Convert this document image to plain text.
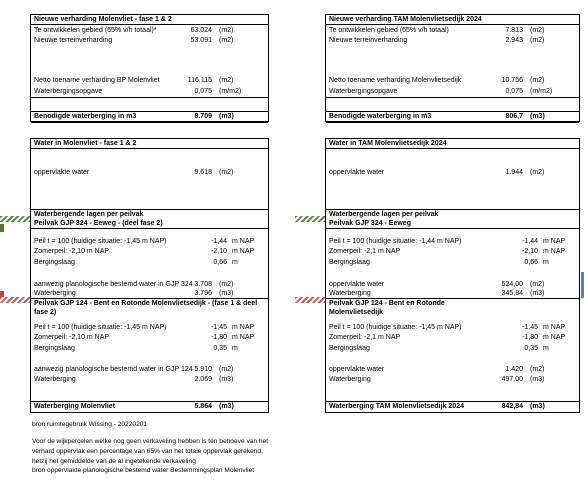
Nieuwe verharding Molenvliet - fase 1 & 2
Te ontwikkelen gebied (65% v/h totaal)*	63.024 (m2)
Nieuwe terreinverharding	53.091 (m2)
Netto toename verharding BP Molenvliet	116.115 (m2)
Waterbergingsopgave	0,075 (m/m2)
Benodigde waterberging in m3	8.709 (m3)
Nieuwe verharding TAM Molenvlietsedijk 2024
Te ontwikkelen gebied (65% v/h totaal)	7.813 (m2)
Nieuwe terreinverharding	2.943 (m2)
Netto toename verharding Molenvlietsedijk	10.756 (m2)
Waterbergingsopgave	0,075 (m/m2)
Benodigde waterberging in m3	806,7 (m3)
Water in Molenvliet - fase 1 & 2
oppervlakte water	9.618 (m2)
Waterbergende lagen per peilvak
Peilvak GJP 324 - Eeweg - (deel fase 2)
Peil t = 100 (huidige situatie: -1,45 m NAP)	-1,44 m NAP
Zomerpeil: -2,10 m NAP	-2,10 m NAP
Bergingslaag	0,66 m
aanwezig planologische bestemd water in GJP 324 3.708 (m2)
Waterberging	3.796 (m3)
Peilvak GJP 124 - Bent en Rotonde Molenvlietsedijk - (fase 1 & deel fase 2)
Peil t = 100 (huidige situatie: -1,45 m NAP)	-1,45 m NAP
Zomerpeil: -2,10 m NAP	-1,80 m NAP
Bergingslaag	0,35 m
aanwezig planologische bestemd water in GJP 124 5.910 (m2)
Waterberging	2.069 (m3)
Waterberging Molenvliet	5.864 (m3)
Water in TAM Molenvlietsedijk 2024
oppervlakte water	1.944 (m2)
Waterbergende lagen per peilvak
Peilvak GJP 324 - Eeweg
Peil t = 100 (huidige situatie: -1,44 m NAP)	-1,44 m NAP
Zomerpeil: -2,1 m NAP	-2,10 m NAP
Bergingslaag	0,66 m
oppervlakte water	524,00 (m2)
Waterberging	345,84 (m3)
Peilvak GJP 124 - Bent en Rotonde Molenvlietsedijk
Peil t = 100 (huidige situatie: -1,45 m NAP)	-1,45 m NAP
Zomerpeil: -2,1 m NAP	-1,80 m NAP
Bergingslaag	0,35 m
oppervlakte water	1.420 (m2)
Waterberging	497,00 (m3)
Waterberging TAM Molenvlietsedijk 2024	842,84 (m3)
bron ruimtegebruik Wissing - 20220201
Voor de wijkpercelen welke nog geen verkaveling hebben is ten behoeve van het
verhard oppervlak een percentage van 65% van het totale oppervlak gerekend,
hetzij het gemiddelde van de al ingetekende verkaveling
bron oppervlakte planologische bestemd water Bestemmingsplan Molenvliet
